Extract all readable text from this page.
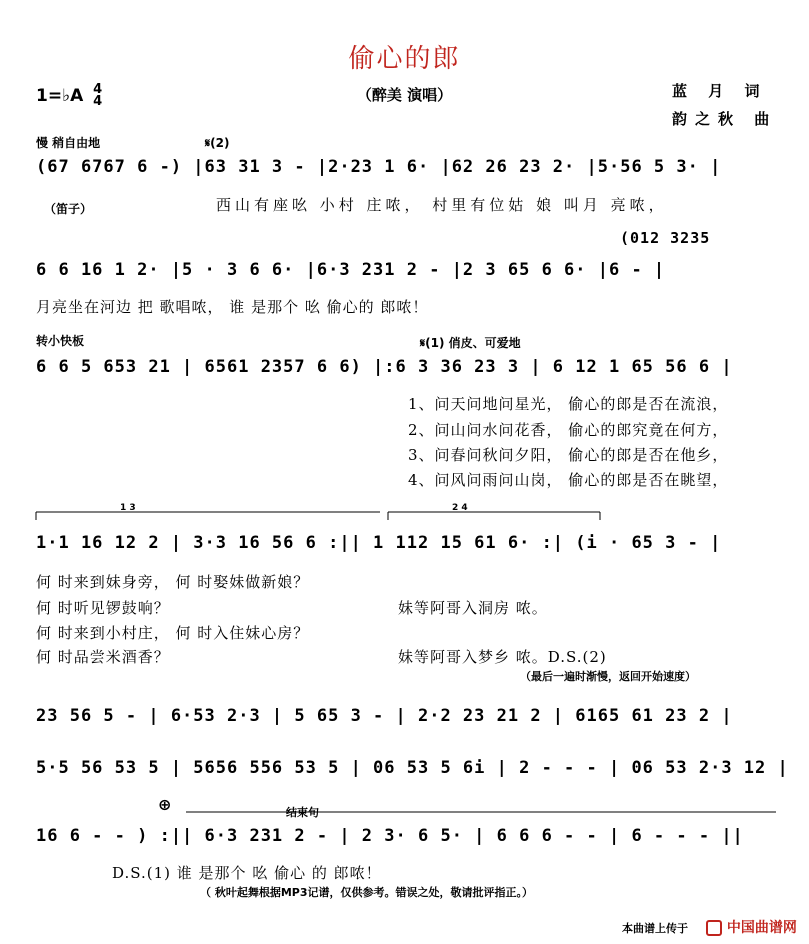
偷心的郎
1=♭A 4
4	（醉美 演唱）	蓝 月 词
韵之秋 曲
慢 稍自由地	𝄋(2)
(67 6767 6 -) |63 31 3 - |2·23 1 6· |62 26 23 2· |5·56 5 3· |
（笛子）	西山有座吆 小村 庄哝， 村里有位姑 娘 叫月 亮哝，
(012 3235
6 6 16 1 2· |5 · 3 6 6· |6·3 231 2 - |2 3 65 6 6· |6 - |
月亮坐在河边 把 歌唱哝， 谁 是那个 吆 偷心的 郎哝！
转小快板	𝄋(1) 俏皮、可爱地
6 6 5 653 21 | 6561 2357 6 6) |:6 3 36 23 3 | 6 12 1 65 56 6 |
1、问天问地问星光， 偷心的郎是否在流浪，
2、问山问水问花香， 偷心的郎究竟在何方，
3、问春问秋问夕阳， 偷心的郎是否在他乡，
4、问风问雨问山岗， 偷心的郎是否在眺望，
1 3	2 4
1·1 16 12 2 | 3·3 16 56 6 :|| 1 112 15 61 6· :| (i · 65 3 - |
何 时来到妹身旁， 何 时娶妹做新娘？
何 时听见锣鼓响？
何 时来到小村庄， 何 时入住妹心房？
何 时品尝米酒香？
妹等阿哥入洞房 哝。
妹等阿哥入梦乡 哝。D.S.(2)
（最后一遍时渐慢，返回开始速度）
23 56 5 - | 6·53 2·3 | 5 65 3 - | 2·2 23 21 2 | 6165 61 23 2 |
5·5 56 53 5 | 5656 556 53 5 | 06 53 5 6i | 2 - - - | 06 53 2·3 12 |
⊕	结束句
16 6 - - ) :|| 6·3 231 2 - | 2 3· 6 5· | 6 6 6 - - | 6 - - - ||
D.S.(1) 谁 是那个 吆 偷心 的 郎哝！
（ 秋叶起舞根据MP3记谱，仅供参考。错误之处，敬请批评指正。）
本曲谱上传于	中国曲谱网
